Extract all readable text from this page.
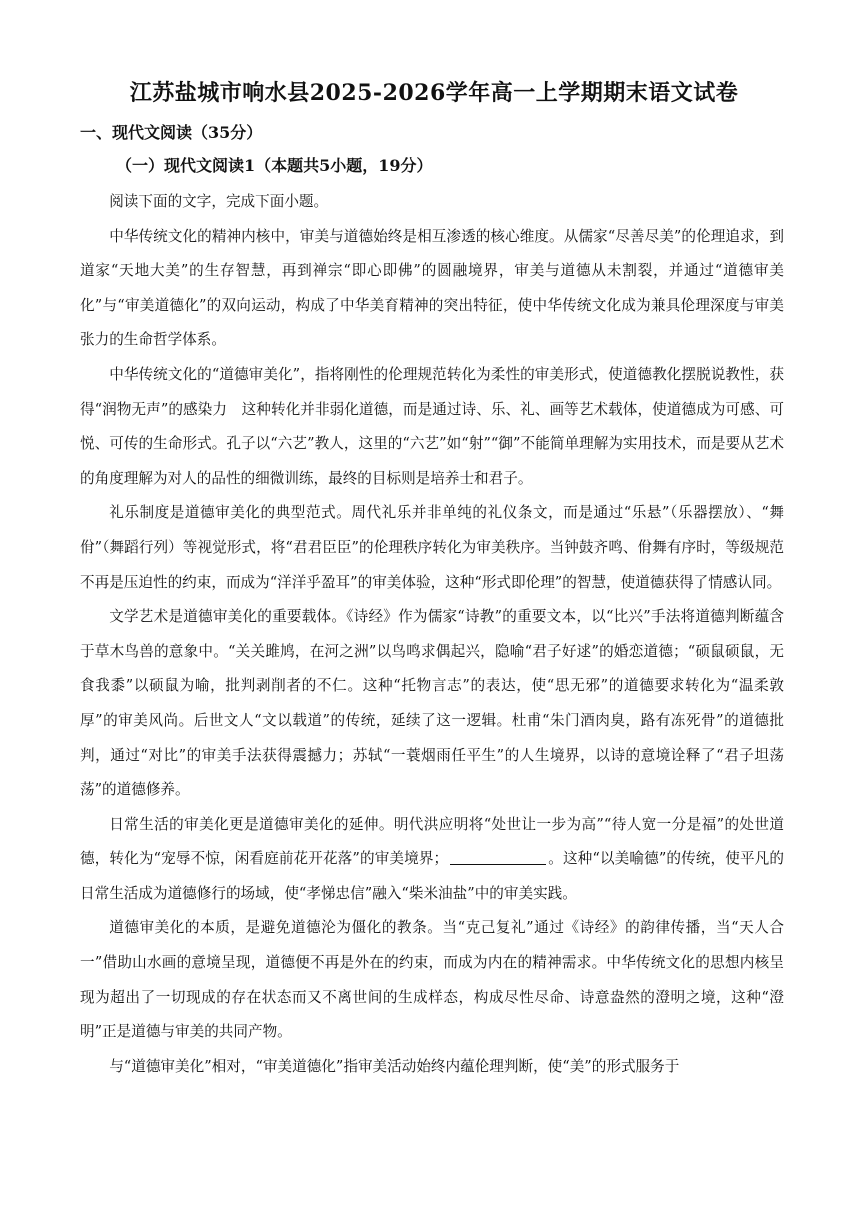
江苏盐城市响水县2025-2026学年高一上学期期末语文试卷
一、现代文阅读（35分）
（一）现代文阅读1（本题共5小题，19分）

阅读下面的文字，完成下面小题。

中华传统文化的精神内核中，审美与道德始终是相互渗透的核心维度。从儒家“尽善尽美”的伦理追求，到道家“天地大美”的生存智慧，再到禅宗“即心即佛”的圆融境界，审美与道德从未割裂，并通过“道德审美化”与“审美道德化”的双向运动，构成了中华美育精神的突出特征，使中华传统文化成为兼具伦理深度与审美张力的生命哲学体系。

中华传统文化的“道德审美化”，指将刚性的伦理规范转化为柔性的审美形式，使道德教化摆脱说教性，获得“润物无声”的感染力　这种转化并非弱化道德，而是通过诗、乐、礼、画等艺术载体，使道德成为可感、可悦、可传的生命形式。孔子以“六艺”教人，这里的“六艺”如“射”“御”不能简单理解为实用技术，而是要从艺术的角度理解为对人的品性的细微训练，最终的目标则是培养士和君子。

礼乐制度是道德审美化的典型范式。周代礼乐并非单纯的礼仪条文，而是通过“乐悬”（乐器摆放）、“舞佾”（舞蹈行列）等视觉形式，将“君君臣臣”的伦理秩序转化为审美秩序。当钟鼓齐鸣、佾舞有序时，等级规范不再是压迫性的约束，而成为“洋洋乎盈耳”的审美体验，这种“形式即伦理”的智慧，使道德获得了情感认同。

文学艺术是道德审美化的重要载体。《诗经》作为儒家“诗教”的重要文本，以“比兴”手法将道德判断蕴含于草木鸟兽的意象中。“关关雎鸠，在河之洲”以鸟鸣求偶起兴，隐喻“君子好逑”的婚恋道德；“硕鼠硕鼠，无食我黍”以硕鼠为喻，批判剥削者的不仁。这种“托物言志”的表达，使“思无邪”的道德要求转化为“温柔敦厚”的审美风尚。后世文人“文以载道”的传统，延续了这一逻辑。杜甫“朱门酒肉臭，路有冻死骨”的道德批判，通过“对比”的审美手法获得震撼力；苏轼“一蓑烟雨任平生”的人生境界，以诗的意境诠释了“君子坦荡荡”的道德修养。

日常生活的审美化更是道德审美化的延伸。明代洪应明将“处世让一步为高”“待人宽一分是福”的处世道德，转化为“宠辱不惊，闲看庭前花开花落”的审美境界；	。这种“以美喻德”的传统，使平凡的日常生活成为道德修行的场域，使“孝悌忠信”融入“柴米油盐”中的审美实践。

道德审美化的本质，是避免道德沦为僵化的教条。当“克己复礼”通过《诗经》的韵律传播，当“天人合一”借助山水画的意境呈现，道德便不再是外在的约束，而成为内在的精神需求。中华传统文化的思想内核呈现为超出了一切现成的存在状态而又不离世间的生成样态，构成尽性尽命、诗意盎然的澄明之境，这种“澄明”正是道德与审美的共同产物。

与“道德审美化”相对，“审美道德化”指审美活动始终内蕴伦理判断，使“美”的形式服务于
